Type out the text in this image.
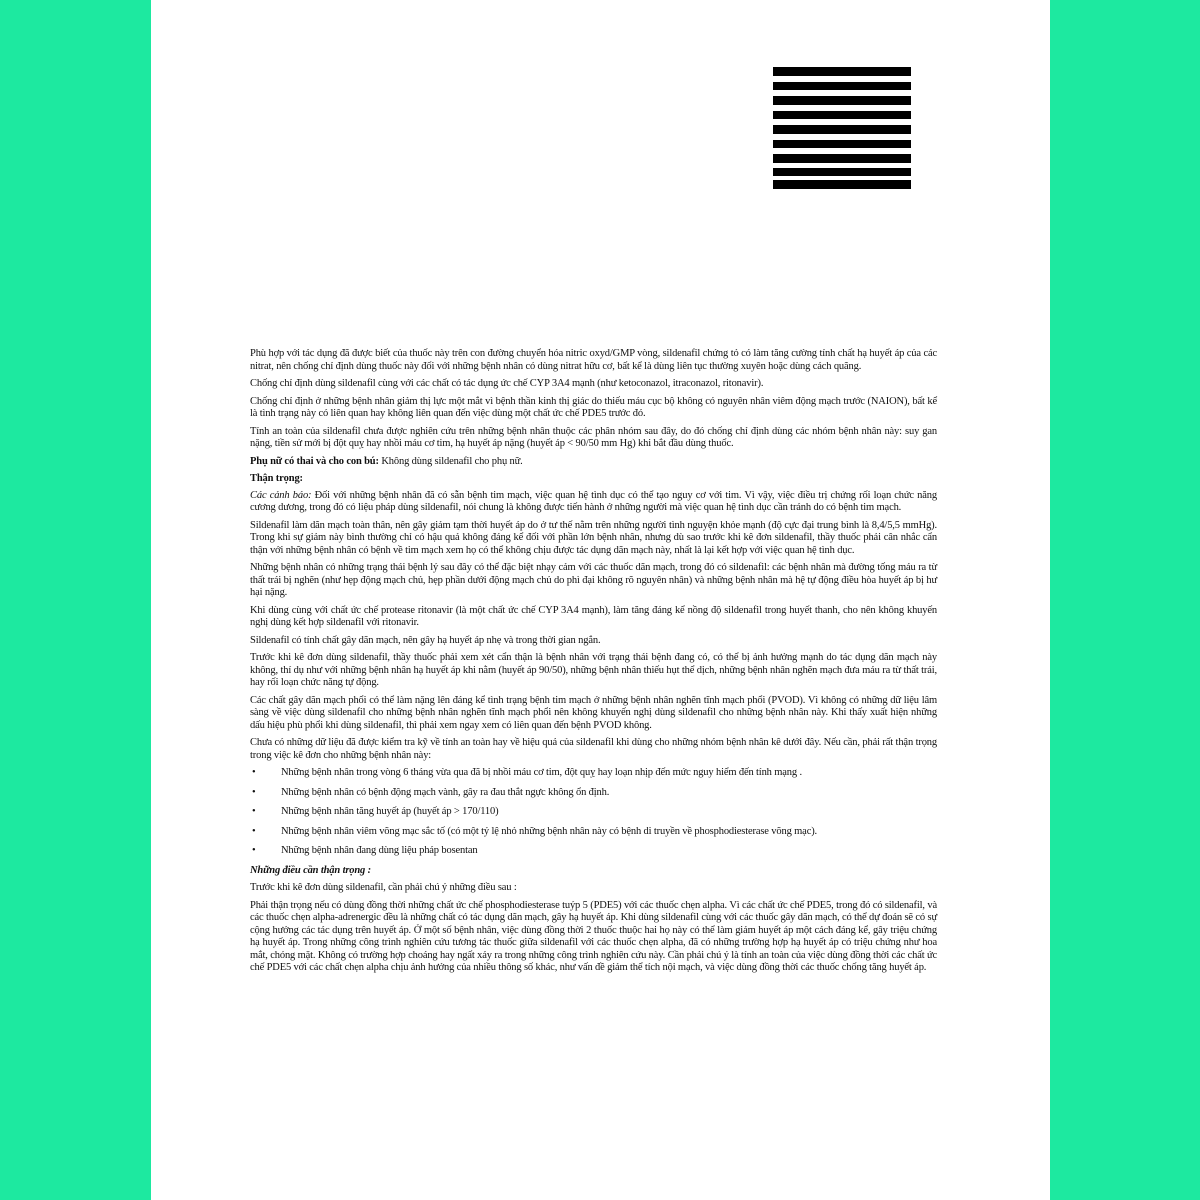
Phù hợp với tác dụng đã được biết của thuốc này trên con đường chuyển hóa nitric oxyd/GMP vòng, sildenafil chứng tỏ có làm tăng cường tính chất hạ huyết áp của các nitrat, nên chống chỉ định dùng thuốc này đối với những bệnh nhân có dùng nitrat hữu cơ, bất kể là dùng liên tục thường xuyên hoặc dùng cách quãng.

Chống chỉ định dùng sildenafil cùng với các chất có tác dụng ức chế CYP 3A4 mạnh (như ketoconazol, itraconazol, ritonavir).

Chống chỉ định ở những bệnh nhân giảm thị lực một mắt vì bệnh thần kinh thị giác do thiếu máu cục bộ không có nguyên nhân viêm động mạch trước (NAION), bất kể là tình trạng này có liên quan hay không liên quan đến việc dùng một chất ức chế PDE5 trước đó.

Tính an toàn của sildenafil chưa được nghiên cứu trên những bệnh nhân thuộc các phân nhóm sau đây, do đó chống chỉ định dùng các nhóm bệnh nhân này: suy gan nặng, tiền sử mới bị đột quỵ hay nhồi máu cơ tim, hạ huyết áp nặng (huyết áp < 90/50 mm Hg) khi bắt đầu dùng thuốc.

Phụ nữ có thai và cho con bú: Không dùng sildenafil cho phụ nữ.

Thận trọng:

Các cảnh báo: Đối với những bệnh nhân đã có sẵn bệnh tim mạch, việc quan hệ tình dục có thể tạo nguy cơ với tim. Vì vậy, việc điều trị chứng rối loạn chức năng cương dương, trong đó có liệu pháp dùng sildenafil, nói chung là không được tiến hành ở những người mà việc quan hệ tình dục cần tránh do có bệnh tim mạch.

Sildenafil làm dãn mạch toàn thân, nên gây giảm tạm thời huyết áp do ở tư thế nằm trên những người tình nguyện khỏe mạnh (độ cực đại trung bình là 8,4/5,5 mmHg). Trong khi sự giảm này bình thường chỉ có hậu quả không đáng kể đối với phần lớn bệnh nhân, nhưng dù sao trước khi kê đơn sildenafil, thầy thuốc phải cân nhắc cẩn thận với những bệnh nhân có bệnh về tim mạch xem họ có thể không chịu được tác dụng dãn mạch này, nhất là lại kết hợp với việc quan hệ tình dục.

Những bệnh nhân có những trạng thái bệnh lý sau đây có thể đặc biệt nhạy cảm với các thuốc dãn mạch, trong đó có sildenafil: các bệnh nhân mà đường tống máu ra từ thất trái bị nghẽn (như hẹp động mạch chủ, hẹp phần dưới động mạch chủ do phì đại không rõ nguyên nhân) và những bệnh nhân mà hệ tự động điều hòa huyết áp bị hư hại nặng.

Khi dùng cùng với chất ức chế protease ritonavir (là một chất ức chế CYP 3A4 mạnh), làm tăng đáng kể nồng độ sildenafil trong huyết thanh, cho nên không khuyến nghị dùng kết hợp sildenafil với ritonavir.

Sildenafil có tính chất gây dãn mạch, nên gây hạ huyết áp nhẹ và trong thời gian ngắn.

Trước khi kê đơn dùng sildenafil, thầy thuốc phải xem xét cẩn thận là bệnh nhân với trạng thái bệnh đang có, có thể bị ảnh hưởng mạnh do tác dụng dãn mạch này không, thí dụ như với những bệnh nhân hạ huyết áp khi nằm (huyết áp 90/50), những bệnh nhân thiếu hụt thể dịch, những bệnh nhân nghẽn mạch đưa máu ra từ thất trái, hay rối loạn chức năng tự động.

Các chất gây dãn mạch phổi có thể làm nặng lên đáng kể tình trạng bệnh tim mạch ở những bệnh nhân nghẽn tĩnh mạch phổi (PVOD). Vì không có những dữ liệu lâm sàng về việc dùng sildenafil cho những bệnh nhân nghẽn tĩnh mạch phổi nên không khuyến nghị dùng sildenafil cho những bệnh nhân này. Khi thấy xuất hiện những dấu hiệu phù phổi khi dùng sildenafil, thì phải xem ngay xem có liên quan đến bệnh PVOD không.

Chưa có những dữ liệu đã được kiểm tra kỹ về tính an toàn hay về hiệu quả của sildenafil khi dùng cho những nhóm bệnh nhân kê dưới đây. Nếu cần, phải rất thận trọng trong việc kê đơn cho những bệnh nhân này:

• Những bệnh nhân trong vòng 6 tháng vừa qua đã bị nhồi máu cơ tim, đột quỵ hay loạn nhịp đến mức nguy hiểm đến tính mạng .
• Những bệnh nhân có bệnh động mạch vành, gây ra đau thắt ngực không ổn định.
• Những bệnh nhân tăng huyết áp (huyết áp > 170/110)
• Những bệnh nhân viêm võng mạc sắc tố (có một tỷ lệ nhỏ những bệnh nhân này có bệnh di truyền về phosphodiesterase võng mạc).
• Những bệnh nhân đang dùng liệu pháp bosentan

Những điều cần thận trọng :

Trước khi kê đơn dùng sildenafil, cần phải chú ý những điều sau :

Phải thận trọng nếu có dùng đồng thời những chất ức chế phosphodiesterase tuýp 5 (PDE5) với các thuốc chẹn alpha. Vì các chất ức chế PDE5, trong đó có sildenafil, và các thuốc chẹn alpha-adrenergic đều là những chất có tác dụng dãn mạch, gây hạ huyết áp. Khi dùng sildenafil cùng với các thuốc gây dãn mạch, có thể dự đoán sẽ có sự cộng hưởng các tác dụng trên huyết áp. Ở một số bệnh nhân, việc dùng đồng thời 2 thuốc thuộc hai họ này có thể làm giảm huyết áp một cách đáng kể, gây triệu chứng hạ huyết áp. Trong những công trình nghiên cứu tương tác thuốc giữa sildenafil với các thuốc chẹn alpha, đã có những trường hợp hạ huyết áp có triệu chứng như hoa mắt, chóng mặt. Không có trường hợp choáng hay ngất xảy ra trong những công trình nghiên cứu này. Cần phải chú ý là tính an toàn của việc dùng đồng thời các chất ức chế PDE5 với các chất chẹn alpha chịu ảnh hưởng của nhiều thông số khác, như vấn đề giảm thể tích nội mạch, và việc dùng đồng thời các thuốc chống tăng huyết áp.
